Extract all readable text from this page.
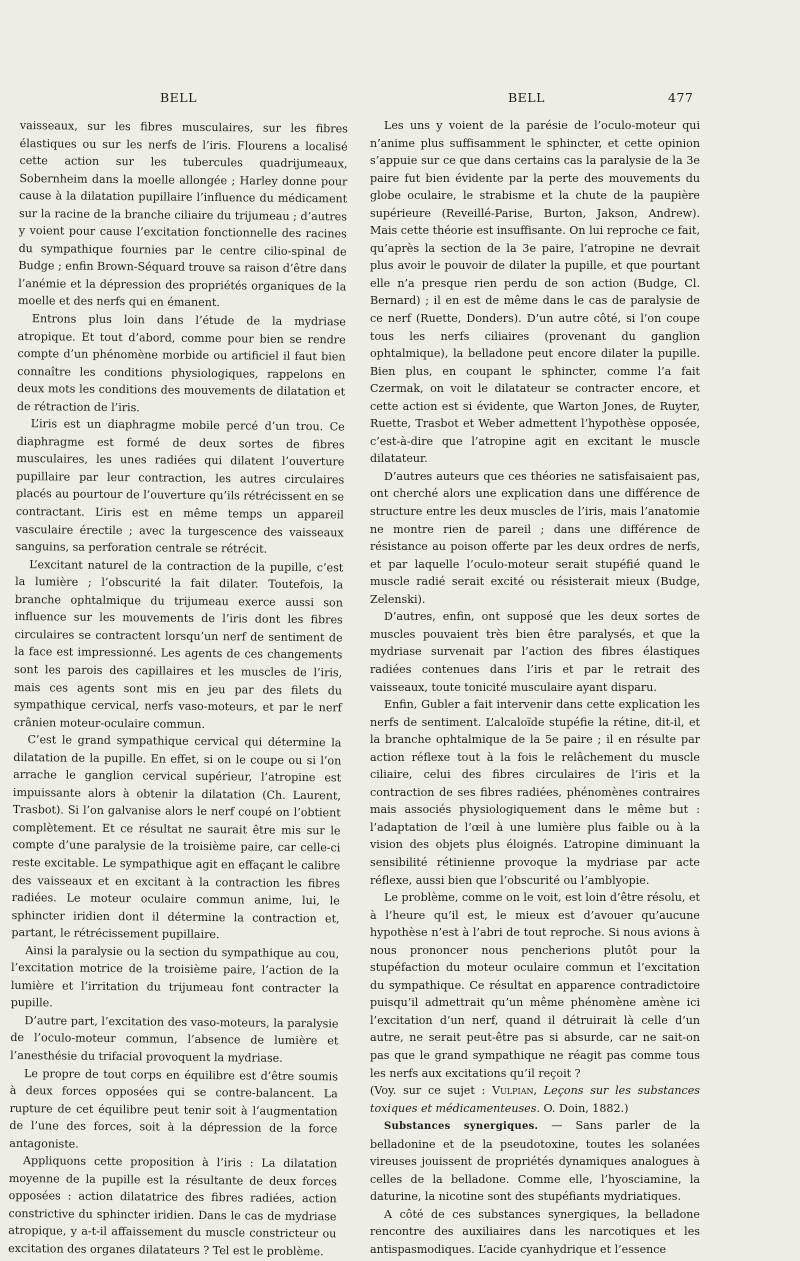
BELL	BELL	477

vaisseaux, sur les fibres musculaires, sur les fibres élastiques ou sur les nerfs de l’iris. Flourens a localisé cette action sur les tubercules quadrijumeaux, Sobernheim dans la moelle allongée ; Harley donne pour cause à la dilatation pupillaire l’influence du médicament sur la racine de la branche ciliaire du trijumeau ; d’autres y voient pour cause l’excitation fonctionnelle des racines du sympathique fournies par le centre cilio-spinal de Budge ; enfin Brown-Séquard trouve sa raison d’être dans l’anémie et la dépression des propriétés organiques de la moelle et des nerfs qui en émanent.

Entrons plus loin dans l’étude de la mydriase atropique. Et tout d’abord, comme pour bien se rendre compte d’un phénomène morbide ou artificiel il faut bien connaître les conditions physiologiques, rappelons en deux mots les conditions des mouvements de dilatation et de rétraction de l’iris.

L’iris est un diaphragme mobile percé d’un trou. Ce diaphragme est formé de deux sortes de fibres musculaires, les unes radiées qui dilatent l’ouverture pupillaire par leur contraction, les autres circulaires placés au pourtour de l’ouverture qu’ils rétrécissent en se contractant. L’iris est en même temps un appareil vasculaire érectile ; avec la turgescence des vaisseaux sanguins, sa perforation centrale se rétrécit.

L’excitant naturel de la contraction de la pupille, c’est la lumière ; l’obscurité la fait dilater. Toutefois, la branche ophtalmique du trijumeau exerce aussi son influence sur les mouvements de l’iris dont les fibres circulaires se contractent lorsqu’un nerf de sentiment de la face est impressionné. Les agents de ces changements sont les parois des capillaires et les muscles de l’iris, mais ces agents sont mis en jeu par des filets du sympathique cervical, nerfs vaso-moteurs, et par le nerf crânien moteur-oculaire commun.

C’est le grand sympathique cervical qui détermine la dilatation de la pupille. En effet, si on le coupe ou si l’on arrache le ganglion cervical supérieur, l’atropine est impuissante alors à obtenir la dilatation (Ch. Laurent, Trasbot). Si l’on galvanise alors le nerf coupé on l’obtient complètement. Et ce résultat ne saurait être mis sur le compte d’une paralysie de la troisième paire, car celle-ci reste excitable. Le sympathique agit en effaçant le calibre des vaisseaux et en excitant à la contraction les fibres radiées. Le moteur oculaire commun anime, lui, le sphincter iridien dont il détermine la contraction et, partant, le rétrécissement pupillaire.

Ainsi la paralysie ou la section du sympathique au cou, l’excitation motrice de la troisième paire, l’action de la lumière et l’irritation du trijumeau font contracter la pupille.

D’autre part, l’excitation des vaso-moteurs, la paralysie de l’oculo-moteur commun, l’absence de lumière et l’anesthésie du trifacial provoquent la mydriase.

Le propre de tout corps en équilibre est d’être soumis à deux forces opposées qui se contre-balancent. La rupture de cet équilibre peut tenir soit à l’augmentation de l’une des forces, soit à la dépression de la force antagoniste.

Appliquons cette proposition à l’iris : La dilatation moyenne de la pupille est la résultante de deux forces opposées : action dilatatrice des fibres radiées, action constrictive du sphincter iridien. Dans le cas de mydriase atropique, y a-t-il affaissement du muscle constricteur ou excitation des organes dilatateurs ? Tel est le problème.

Les uns y voient de la parésie de l’oculo-moteur qui n’anime plus suffisamment le sphincter, et cette opinion s’appuie sur ce que dans certains cas la paralysie de la 3e paire fut bien évidente par la perte des mouvements du globe oculaire, le strabisme et la chute de la paupière supérieure (Reveillé-Parise, Burton, Jakson, Andrew). Mais cette théorie est insuffisante. On lui reproche ce fait, qu’après la section de la 3e paire, l’atropine ne devrait plus avoir le pouvoir de dilater la pupille, et que pourtant elle n’a presque rien perdu de son action (Budge, Cl. Bernard) ; il en est de même dans le cas de paralysie de ce nerf (Ruette, Donders). D’un autre côté, si l’on coupe tous les nerfs ciliaires (provenant du ganglion ophtalmique), la belladone peut encore dilater la pupille. Bien plus, en coupant le sphincter, comme l’a fait Czermak, on voit le dilatateur se contracter encore, et cette action est si évidente, que Warton Jones, de Ruyter, Ruette, Trasbot et Weber admettent l’hypothèse opposée, c’est-à-dire que l’atropine agit en excitant le muscle dilatateur.

D’autres auteurs que ces théories ne satisfaisaient pas, ont cherché alors une explication dans une différence de structure entre les deux muscles de l’iris, mais l’anatomie ne montre rien de pareil ; dans une différence de résistance au poison offerte par les deux ordres de nerfs, et par laquelle l’oculo-moteur serait stupéfié quand le muscle radié serait excité ou résisterait mieux (Budge, Zelenski).

D’autres, enfin, ont supposé que les deux sortes de muscles pouvaient très bien être paralysés, et que la mydriase survenait par l’action des fibres élastiques radiées contenues dans l’iris et par le retrait des vaisseaux, toute tonicité musculaire ayant disparu.

Enfin, Gubler a fait intervenir dans cette explication les nerfs de sentiment. L’alcaloïde stupéfie la rétine, dit-il, et la branche ophtalmique de la 5e paire ; il en résulte par action réflexe tout à la fois le relâchement du muscle ciliaire, celui des fibres circulaires de l’iris et la contraction de ses fibres radiées, phénomènes contraires mais associés physiologiquement dans le même but : l’adaptation de l’œil à une lumière plus faible ou à la vision des objets plus éloignés. L’atropine diminuant la sensibilité rétinienne provoque la mydriase par acte réflexe, aussi bien que l’obscurité ou l’amblyopie.

Le problème, comme on le voit, est loin d’être résolu, et à l’heure qu’il est, le mieux est d’avouer qu’aucune hypothèse n’est à l’abri de tout reproche. Si nous avions à nous prononcer nous pencherions plutôt pour la stupéfaction du moteur oculaire commun et l’excitation du sympathique. Ce résultat en apparence contradictoire puisqu’il admettrait qu’un même phénomène amène ici l’excitation d’un nerf, quand il détruirait là celle d’un autre, ne serait peut-être pas si absurde, car ne sait-on pas que le grand sympathique ne réagit pas comme tous les nerfs aux excitations qu’il reçoit ?

(Voy. sur ce sujet : Vulpian, Leçons sur les substances toxiques et médicamenteuses. O. Doin, 1882.)

Substances synergiques. — Sans parler de la belladonine et de la pseudotoxine, toutes les solanées vireuses jouissent de propriétés dynamiques analogues à celles de la belladone. Comme elle, l’hyosciamine, la daturine, la nicotine sont des stupéfiants mydriatiques.

A côté de ces substances synergiques, la belladone rencontre des auxiliaires dans les narcotiques et les antispasmodiques. L’acide cyanhydrique et l’essence
